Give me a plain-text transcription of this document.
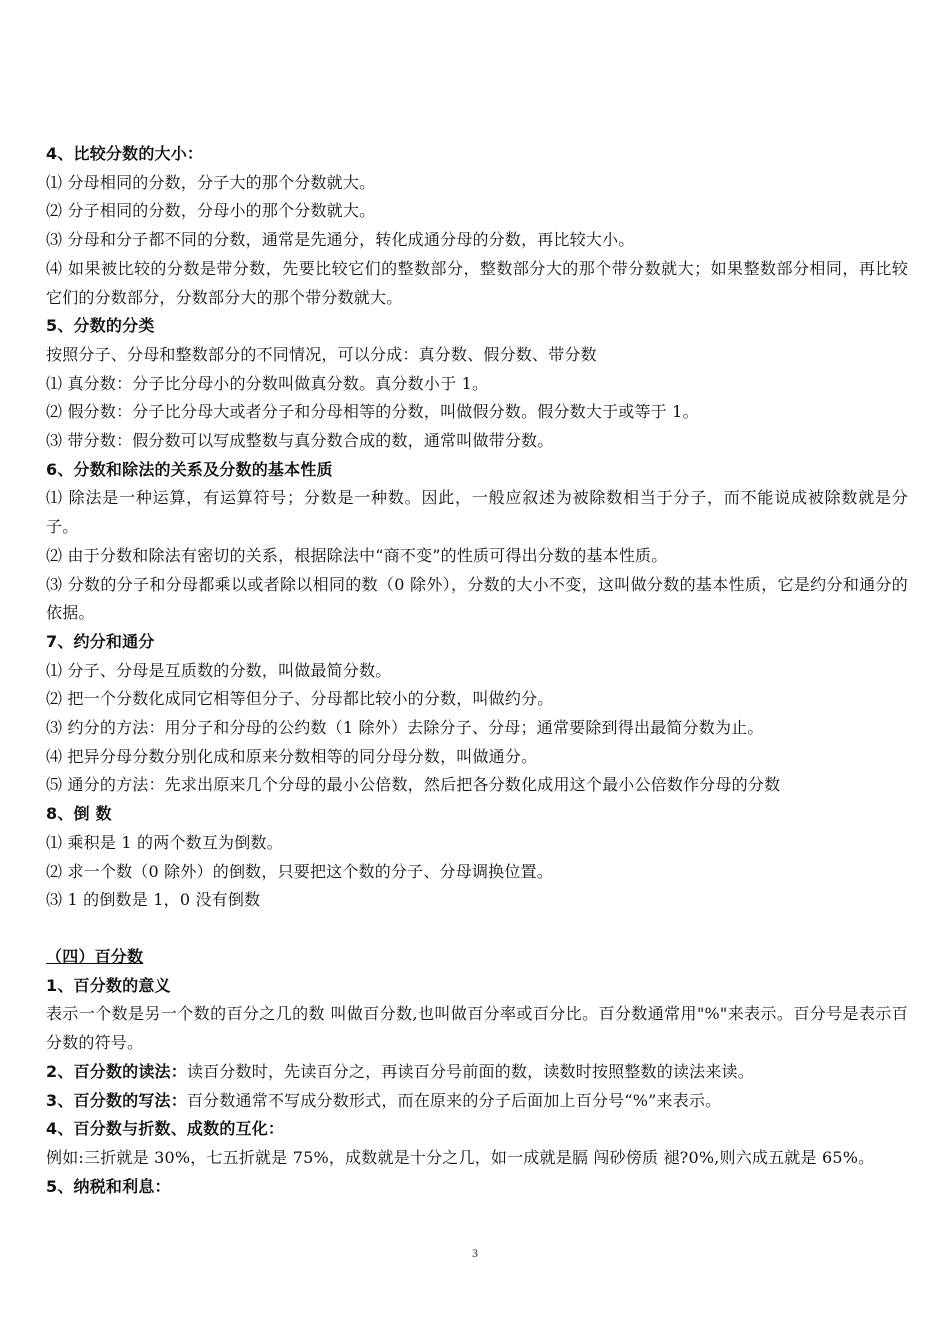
4、比较分数的大小：
⑴ 分母相同的分数，分子大的那个分数就大。
⑵ 分子相同的分数，分母小的那个分数就大。
⑶ 分母和分子都不同的分数，通常是先通分，转化成通分母的分数，再比较大小。
⑷ 如果被比较的分数是带分数，先要比较它们的整数部分，整数部分大的那个带分数就大；如果整数部分相同，再比较它们的分数部分，分数部分大的那个带分数就大。
5、分数的分类
按照分子、分母和整数部分的不同情况，可以分成：真分数、假分数、带分数
⑴ 真分数：分子比分母小的分数叫做真分数。真分数小于 1。
⑵ 假分数：分子比分母大或者分子和分母相等的分数，叫做假分数。假分数大于或等于 1。
⑶ 带分数：假分数可以写成整数与真分数合成的数，通常叫做带分数。
6、分数和除法的关系及分数的基本性质
⑴ 除法是一种运算，有运算符号；分数是一种数。因此，一般应叙述为被除数相当于分子，而不能说成被除数就是分子。
⑵ 由于分数和除法有密切的关系，根据除法中“商不变”的性质可得出分数的基本性质。
⑶ 分数的分子和分母都乘以或者除以相同的数（0 除外），分数的大小不变，这叫做分数的基本性质，它是约分和通分的依据。
7、约分和通分
⑴ 分子、分母是互质数的分数，叫做最简分数。
⑵ 把一个分数化成同它相等但分子、分母都比较小的分数，叫做约分。
⑶ 约分的方法：用分子和分母的公约数（1 除外）去除分子、分母；通常要除到得出最简分数为止。
⑷ 把异分母分数分别化成和原来分数相等的同分母分数，叫做通分。
⑸ 通分的方法：先求出原来几个分母的最小公倍数，然后把各分数化成用这个最小公倍数作分母的分数
8、倒 数
⑴ 乘积是 1 的两个数互为倒数。
⑵ 求一个数（0 除外）的倒数，只要把这个数的分子、分母调换位置。
⑶ 1 的倒数是 1，0 没有倒数
（四）百分数
1、百分数的意义
表示一个数是另一个数的百分之几的数 叫做百分数,也叫做百分率或百分比。百分数通常用"%"来表示。百分号是表示百分数的符号。
2、百分数的读法：读百分数时，先读百分之，再读百分号前面的数，读数时按照整数的读法来读。
3、百分数的写法：百分数通常不写成分数形式，而在原来的分子后面加上百分号“%”来表示。
4、百分数与折数、成数的互化：
例如:三折就是 30%，七五折就是 75%，成数就是十分之几，如一成就是膈 闯砂傍质 褪?0%,则六成五就是 65%。
5、纳税和利息：
3
